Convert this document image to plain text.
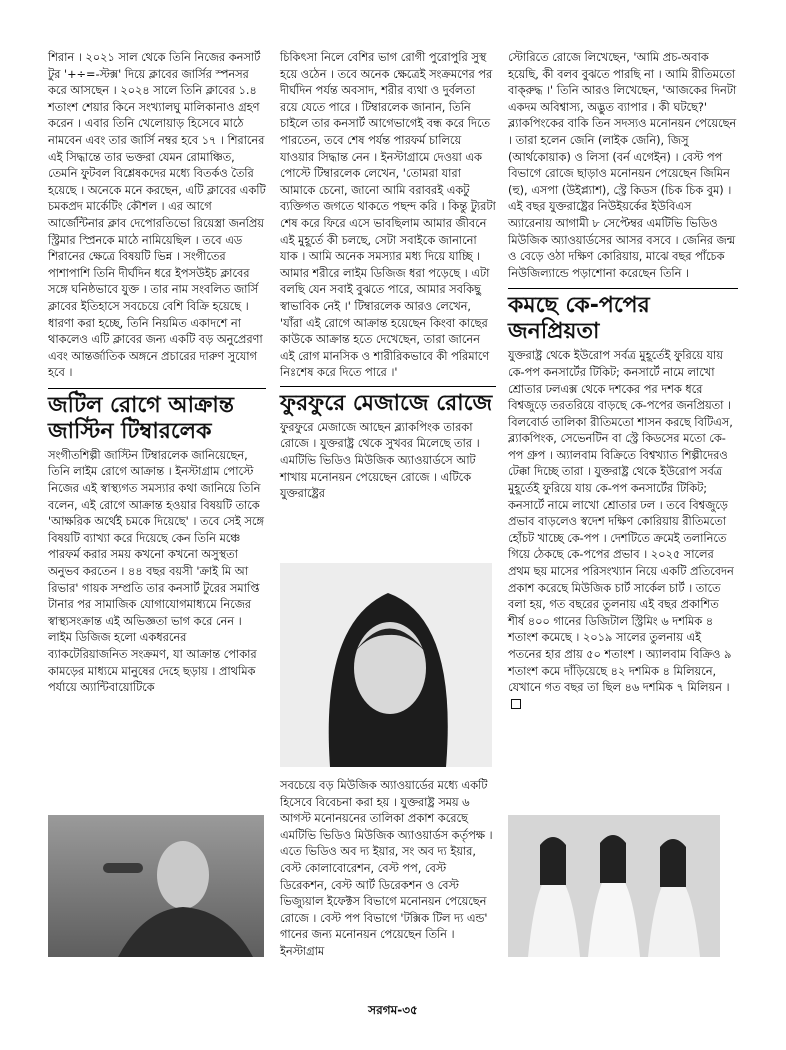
শিরান । ২০২১ সাল থেকে তিনি নিজের কনসার্ট টুর '+÷=-স্টক্স' দিয়ে ক্লাবের জার্সির স্পনসর করে আসছেন । ২০২৪ সালে তিনি ক্লাবের ১.৪ শতাংশ শেয়ার কিনে সংখ্যালঘু মালিকানাও গ্রহণ করেন । এবার তিনি খেলোয়াড় হিসেবে মাঠে নামবেন এবং তার জার্সি নম্বর হবে ১৭ । শিরানের এই সিদ্ধান্তে তার ভক্তরা যেমন রোমাঞ্চিত, তেমনি ফুটবল বিশ্লেষকদের মধ্যে বিতর্কও তৈরি হয়েছে । অনেকে মনে করছেন, এটি ক্লাবের একটি চমকপ্রদ মার্কেটিং কৌশল । এর আগে আর্জেন্টিনার ক্লাব দেপোরতিভো রিয়েস্ত্রা জনপ্রিয় স্ট্রিমার স্প্রিনকে মাঠে নামিয়েছিল । তবে এড শিরানের ক্ষেত্রে বিষয়টি ভিন্ন । সংগীতের পাশাপাশি তিনি দীর্ঘদিন ধরে ইপসউইচ ক্লাবের সঙ্গে ঘনিষ্ঠভাবে যুক্ত । তার নাম সংবলিত জার্সি ক্লাবের ইতিহাসে সবচেয়ে বেশি বিক্রি হয়েছে । ধারণা করা হচ্ছে, তিনি নিয়মিত একাদশে না থাকলেও এটি ক্লাবের জন্য একটি বড় অনুপ্রেরণা এবং আন্তর্জাতিক অঙ্গনে প্রচারের দারুণ সুযোগ হবে ।

জটিল রোগে আক্রান্ত জাস্টিন টিম্বারলেক

সংগীতশিল্পী জাস্টিন টিম্বারলেক জানিয়েছেন, তিনি লাইম রোগে আক্রান্ত । ইনস্টাগ্রাম পোস্টে নিজের এই স্বাস্থ্যগত সমস্যার কথা জানিয়ে তিনি বলেন, এই রোগে আক্রান্ত হওয়ার বিষয়টি তাকে 'আক্ষরিক অর্থেই চমকে দিয়েছে' । তবে সেই সঙ্গে বিষয়টি ব্যাখ্যা করে দিয়েছে কেন তিনি মঞ্চে পারফর্ম করার সময় কখনো কখনো অসুস্থতা অনুভব করতেন । ৪৪ বছর বয়সী 'ক্রাই মি আ রিভার' গায়ক সম্প্রতি তার কনসার্ট টুরের সমাপ্তি টানার পর সামাজিক যোগাযোগমাধ্যমে নিজের স্বাস্থ্যসংক্রান্ত এই অভিজ্ঞতা ভাগ করে নেন । লাইম ডিজিজ হলো একধরনের ব্যাকটেরিয়াজনিত সংক্রমণ, যা আক্রান্ত পোকার কামড়ের মাধ্যমে মানুষের দেহে ছড়ায় । প্রাথমিক পর্যায়ে অ্যান্টিবায়োটিকে

চিকিৎসা নিলে বেশির ভাগ রোগী পুরোপুরি সুস্থ হয়ে ওঠেন । তবে অনেক ক্ষেত্রেই সংক্রমণের পর দীর্ঘদিন পর্যন্ত অবসাদ, শরীর ব্যথা ও দুর্বলতা রয়ে যেতে পারে । টিম্বারলেক জানান, তিনি চাইলে তার কনসার্ট আগেভাগেই বন্ধ করে দিতে পারতেন, তবে শেষ পর্যন্ত পারফর্ম চালিয়ে যাওয়ার সিদ্ধান্ত নেন । ইনস্টাগ্রামে দেওয়া এক পোস্টে টিম্বারলেক লেখেন, 'তোমরা যারা আমাকে চেনো, জানো আমি বরাবরই একটু ব্যক্তিগত জগতে থাকতে পছন্দ করি । কিন্তু ট্যুরটা শেষ করে ফিরে এসে ভাবছিলাম আমার জীবনে এই মুহূর্তে কী চলছে, সেটা সবাইকে জানানো যাক । আমি অনেক সমস্যার মধ্য দিয়ে যাচ্ছি । আমার শরীরে লাইম ডিজিজ ধরা পড়েছে । এটা বলছি যেন সবাই বুঝতে পারে, আমার সবকিছু স্বাভাবিক নেই ।' টিম্বারলেক আরও লেখেন, 'যাঁরা এই রোগে আক্রান্ত হয়েছেন কিংবা কাছের কাউকে আক্রান্ত হতে দেখেছেন, তারা জানেন এই রোগ মানসিক ও শারীরিকভাবে কী পরিমাণে নিঃশেষ করে দিতে পারে ।'

ফুরফুরে মেজাজে রোজে

ফুরফুরে মেজাজে আছেন ব্ল্যাকপিংক তারকা রোজে । যুক্তরাষ্ট্র থেকে সুখবর মিলেছে তার । এমটিভি ভিডিও মিউজিক অ্যাওয়ার্ডসে আট শাখায় মনোনয়ন পেয়েছেন রোজে । এটিকে যুক্তরাষ্ট্রের

সবচেয়ে বড় মিউজিক অ্যাওয়ার্ডের মধ্যে একটি হিসেবে বিবেচনা করা হয় । যুক্তরাষ্ট্র সময় ৬ আগস্ট মনোনয়নের তালিকা প্রকাশ করেছে এমটিভি ভিডিও মিউজিক অ্যাওয়ার্ডস কর্তৃপক্ষ । এতে ভিডিও অব দ্য ইয়ার, সং অব দ্য ইয়ার, বেস্ট কোলাবোরেশন, বেস্ট পপ, বেস্ট ডিরেকশন, বেস্ট আর্ট ডিরেকশন ও বেস্ট ভিজ্যুয়াল ইফেক্টস বিভাগে মনোনয়ন পেয়েছেন রোজে । বেস্ট পপ বিভাগে 'টক্সিক টিল দ্য এন্ড' গানের জন্য মনোনয়ন পেয়েছেন তিনি । ইনস্টাগ্রাম

স্টোরিতে রোজে লিখেছেন, 'আমি প্রচ-অবাক হয়েছি, কী বলব বুঝতে পারছি না । আমি রীতিমতো বাক্‌রুদ্ধ ।' তিনি আরও লিখেছেন, 'আজকের দিনটা একদম অবিশ্বাস্য, অদ্ভুত ব্যাপার । কী ঘটছে?' ব্ল্যাকপিংকের বাকি তিন সদস্যও মনোনয়ন পেয়েছেন । তারা হলেন জেনি (লাইক জেনি), জিসু (আর্থকোয়াক) ও লিসা (বর্ন এগেইন) । বেস্ট পপ বিভাগে রোজে ছাড়াও মনোনয়ন পেয়েছেন জিমিন (হু), এসপা (উইপ্ল্যাশ), স্ট্রে কিডস (চিক চিক বুম) । এই বছর যুক্তরাষ্ট্রের নিউইয়র্কের ইউবিএস অ্যারেনায় আগামী ৮ সেপ্টেম্বর এমটিভি ভিডিও মিউজিক অ্যাওয়ার্ডসের আসর বসবে । জেনির জন্ম ও বেড়ে ওঠা দক্ষিণ কোরিয়ায়, মাঝে বছর পাঁচেক নিউজিল্যান্ডে পড়াশোনা করেছেন তিনি ।

কমছে কে-পপের জনপ্রিয়তা

যুক্তরাষ্ট্র থেকে ইউরোপ সর্বত্র মুহূর্তেই ফুরিয়ে যায় কে-পপ কনসার্টের টিকিট; কনসার্টে নামে লাখো শ্রোতার ঢলএক্স থেকে দশকের পর দশক ধরে বিশ্বজুড়ে তরতরিয়ে বাড়ছে কে-পপের জনপ্রিয়তা । বিলবোর্ড তালিকা রীতিমতো শাসন করছে বিটিএস, ব্ল্যাকপিংক, সেভেনটিন বা স্ট্রে কিডসের মতো কে-পপ গ্রুপ । অ্যালবাম বিক্রিতে বিশ্বখ্যাত শিল্পীদেরও টেক্কা দিচ্ছে তারা । যুক্তরাষ্ট্র থেকে ইউরোপ সর্বত্র মুহূর্তেই ফুরিয়ে যায় কে-পপ কনসার্টের টিকিট; কনসার্টে নামে লাখো শ্রোতার ঢল । তবে বিশ্বজুড়ে প্রভাব বাড়লেও স্বদেশ দক্ষিণ কোরিয়ায় রীতিমতো হোঁচট খাচ্ছে কে-পপ । দেশটিতে ক্রমেই তলানিতে গিয়ে ঠেকছে কে-পপের প্রভাব । ২০২৫ সালের প্রথম ছয় মাসের পরিসংখ্যান নিয়ে একটি প্রতিবেদন প্রকাশ করেছে মিউজিক চার্ট সার্কেল চার্ট । তাতে বলা হয়, গত বছরের তুলনায় এই বছর প্রকাশিত শীর্ষ ৪০০ গানের ডিজিটাল স্ট্রিমিং ৬ দশমিক ৪ শতাংশ কমেছে । ২০১৯ সালের তুলনায় এই পতনের হার প্রায় ৫০ শতাংশ । অ্যালবাম বিক্রিও ৯ শতাংশ কমে দাঁড়িয়েছে ৪২ দশমিক ৪ মিলিয়নে, যেখানে গত বছর তা ছিল ৪৬ দশমিক ৭ মিলিয়ন ।

সরগম-৩৫
